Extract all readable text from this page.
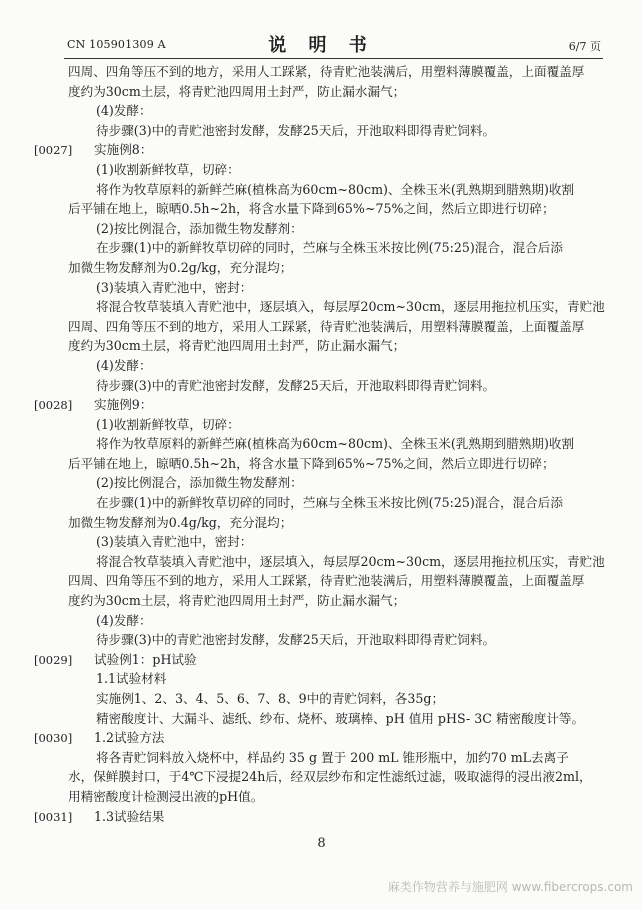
CN 105901309 A	说 明 书	6/7 页
四周、四角等压不到的地方，采用人工踩紧，待青贮池装满后，用塑料薄膜覆盖，上面覆盖厚
度约为30cm土层，将青贮池四周用土封严，防止漏水漏气；
(4)发酵：
待步骤(3)中的青贮池密封发酵，发酵25天后，开池取料即得青贮饲料。
[0027] 实施例8：
(1)收割新鲜牧草，切碎：
将作为牧草原料的新鲜苎麻(植株高为60cm~80cm)、全株玉米(乳熟期到腊熟期)收割
后平铺在地上，晾晒0.5h~2h，将含水量下降到65%~75%之间，然后立即进行切碎；
(2)按比例混合，添加微生物发酵剂：
在步骤(1)中的新鲜牧草切碎的同时，苎麻与全株玉米按比例(75:25)混合，混合后添
加微生物发酵剂为0.2g/kg，充分混均；
(3)装填入青贮池中，密封：
将混合牧草装填入青贮池中，逐层填入，每层厚20cm~30cm，逐层用拖拉机压实，青贮池
四周、四角等压不到的地方，采用人工踩紧，待青贮池装满后，用塑料薄膜覆盖，上面覆盖厚
度约为30cm土层，将青贮池四周用土封严，防止漏水漏气；
(4)发酵：
待步骤(3)中的青贮池密封发酵，发酵25天后，开池取料即得青贮饲料。
[0028] 实施例9：
(1)收割新鲜牧草，切碎：
将作为牧草原料的新鲜苎麻(植株高为60cm~80cm)、全株玉米(乳熟期到腊熟期)收割
后平铺在地上，晾晒0.5h~2h，将含水量下降到65%~75%之间，然后立即进行切碎；
(2)按比例混合，添加微生物发酵剂：
在步骤(1)中的新鲜牧草切碎的同时，苎麻与全株玉米按比例(75:25)混合，混合后添
加微生物发酵剂为0.4g/kg，充分混均；
(3)装填入青贮池中，密封：
将混合牧草装填入青贮池中，逐层填入，每层厚20cm~30cm，逐层用拖拉机压实，青贮池
四周、四角等压不到的地方，采用人工踩紧，待青贮池装满后，用塑料薄膜覆盖，上面覆盖厚
度约为30cm土层，将青贮池四周用土封严，防止漏水漏气；
(4)发酵：
待步骤(3)中的青贮池密封发酵，发酵25天后，开池取料即得青贮饲料。
[0029] 试验例1：pH试验
1.1试验材料
实施例1、2、3、4、5、6、7、8、9中的青贮饲料，各35g；
精密酸度计、大漏斗、滤纸、纱布、烧杯、玻璃棒、pH 值用 pHS- 3C 精密酸度计等。
[0030] 1.2试验方法
将各青贮饲料放入烧杯中，样品约 35 g 置于 200 mL 锥形瓶中，加约70 mL去离子
水，保鲜膜封口，于4℃下浸提24h后，经双层纱布和定性滤纸过滤，吸取滤得的浸出液2ml，
用精密酸度计检测浸出液的pH值。
[0031] 1.3试验结果
8
麻类作物营养与施肥网 www.fibercrops.com
